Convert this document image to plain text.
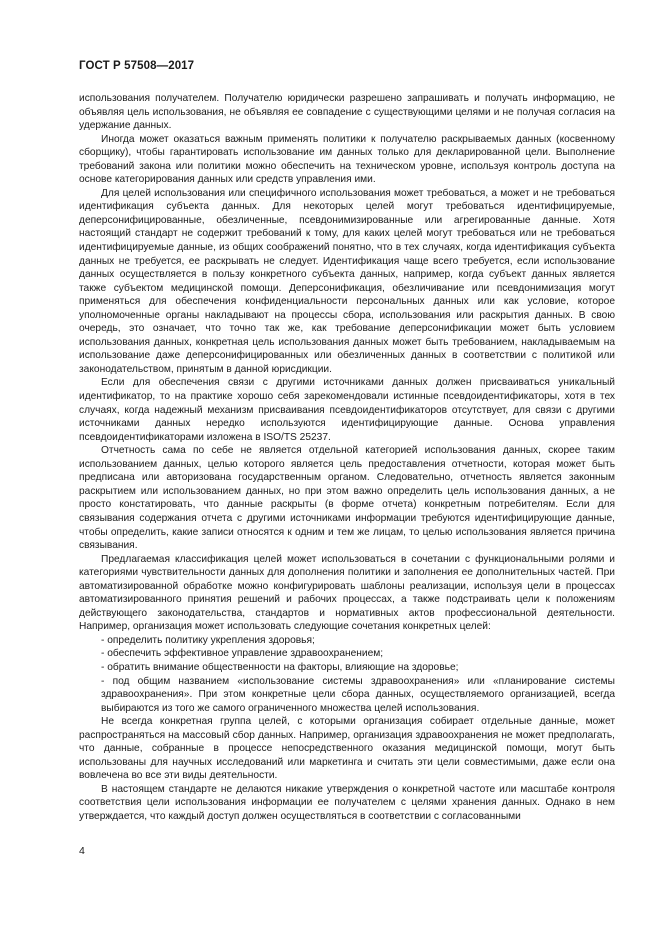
ГОСТ Р 57508—2017

использования получателем. Получателю юридически разрешено запрашивать и получать информацию, не объявляя цель использования, не объявляя ее совпадение с существующими целями и не получая согласия на удержание данных.

Иногда может оказаться важным применять политики к получателю раскрываемых данных (косвенному сборщику), чтобы гарантировать использование им данных только для декларированной цели. Выполнение требований закона или политики можно обеспечить на техническом уровне, используя контроль доступа на основе категорирования данных или средств управления ими.

Для целей использования или специфичного использования может требоваться, а может и не требоваться идентификация субъекта данных. Для некоторых целей могут требоваться идентифицируемые, деперсонифицированные, обезличенные, псевдонимизированные или агрегированные данные. Хотя настоящий стандарт не содержит требований к тому, для каких целей могут требоваться или не требоваться идентифицируемые данные, из общих соображений понятно, что в тех случаях, когда идентификация субъекта данных не требуется, ее раскрывать не следует. Идентификация чаще всего требуется, если использование данных осуществляется в пользу конкретного субъекта данных, например, когда субъект данных является также субъектом медицинской помощи. Деперсонификация, обезличивание или псевдонимизация могут применяться для обеспечения конфиденциальности персональных данных или как условие, которое уполномоченные органы накладывают на процессы сбора, использования или раскрытия данных. В свою очередь, это означает, что точно так же, как требование деперсонификации может быть условием использования данных, конкретная цель использования данных может быть требованием, накладываемым на использование даже деперсонифицированных или обезличенных данных в соответствии с политикой или законодательством, принятым в данной юрисдикции.

Если для обеспечения связи с другими источниками данных должен присваиваться уникальный идентификатор, то на практике хорошо себя зарекомендовали истинные псевдоидентификаторы, хотя в тех случаях, когда надежный механизм присваивания псевдоидентификаторов отсутствует, для связи с другими источниками данных нередко используются идентифицирующие данные. Основа управления псевдоидентификаторами изложена в ISO/TS 25237.

Отчетность сама по себе не является отдельной категорией использования данных, скорее таким использованием данных, целью которого является цель предоставления отчетности, которая может быть предписана или авторизована государственным органом. Следовательно, отчетность является законным раскрытием или использованием данных, но при этом важно определить цель использования данных, а не просто констатировать, что данные раскрыты (в форме отчета) конкретным потребителям. Если для связывания содержания отчета с другими источниками информации требуются идентифицирующие данные, чтобы определить, какие записи относятся к одним и тем же лицам, то целью использования является причина связывания.

Предлагаемая классификация целей может использоваться в сочетании с функциональными ролями и категориями чувствительности данных для дополнения политики и заполнения ее дополнительных частей. При автоматизированной обработке можно конфигурировать шаблоны реализации, используя цели в процессах автоматизированного принятия решений и рабочих процессах, а также подстраивать цели к положениям действующего законодательства, стандартов и нормативных актов профессиональной деятельности. Например, организация может использовать следующие сочетания конкретных целей:

- определить политику укрепления здоровья;
- обеспечить эффективное управление здравоохранением;
- обратить внимание общественности на факторы, влияющие на здоровье;
- под общим названием «использование системы здравоохранения» или «планирование системы здравоохранения». При этом конкретные цели сбора данных, осуществляемого организацией, всегда выбираются из того же самого ограниченного множества целей использования.

Не всегда конкретная группа целей, с которыми организация собирает отдельные данные, может распространяться на массовый сбор данных. Например, организация здравоохранения не может предполагать, что данные, собранные в процессе непосредственного оказания медицинской помощи, могут быть использованы для научных исследований или маркетинга и считать эти цели совместимыми, даже если она вовлечена во все эти виды деятельности.

В настоящем стандарте не делаются никакие утверждения о конкретной частоте или масштабе контроля соответствия цели использования информации ее получателем с целями хранения данных. Однако в нем утверждается, что каждый доступ должен осуществляться в соответствии с согласованными

4
